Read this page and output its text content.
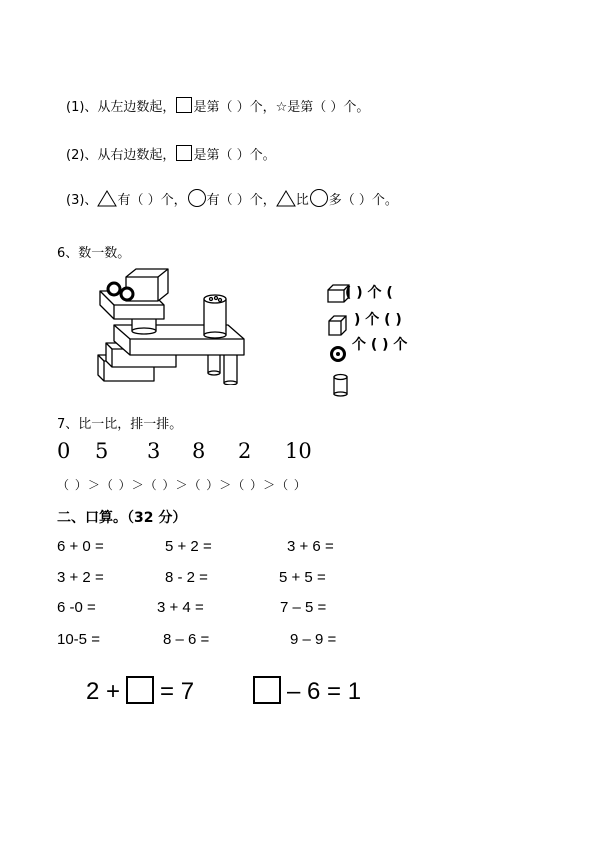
(1)、从左边数起， 是第（ ）个，☆是第（ ）个。
(2)、从右边数起， 是第（ ）个。
(3)、 有（ ）个， 有（ ）个， 比 多（ ）个。
6、数一数。
( ) 个 (
) 个 ( )
个 ( ) 个
7、比一比，排一排。
0 5 3 8 2 10
（ ）＞（ ）＞（ ）＞（ ）＞（ ）＞（ ）
二、口算。（32 分）
6 + 0 =	5 + 2 =	3 + 6 =
3 + 2 =	8 - 2 =	5 + 5 =
6 -0 =	3 + 4 =	7 – 5 =
10-5 =	8 – 6 =	9 – 9 =
2 + = 7	– 6 = 1
